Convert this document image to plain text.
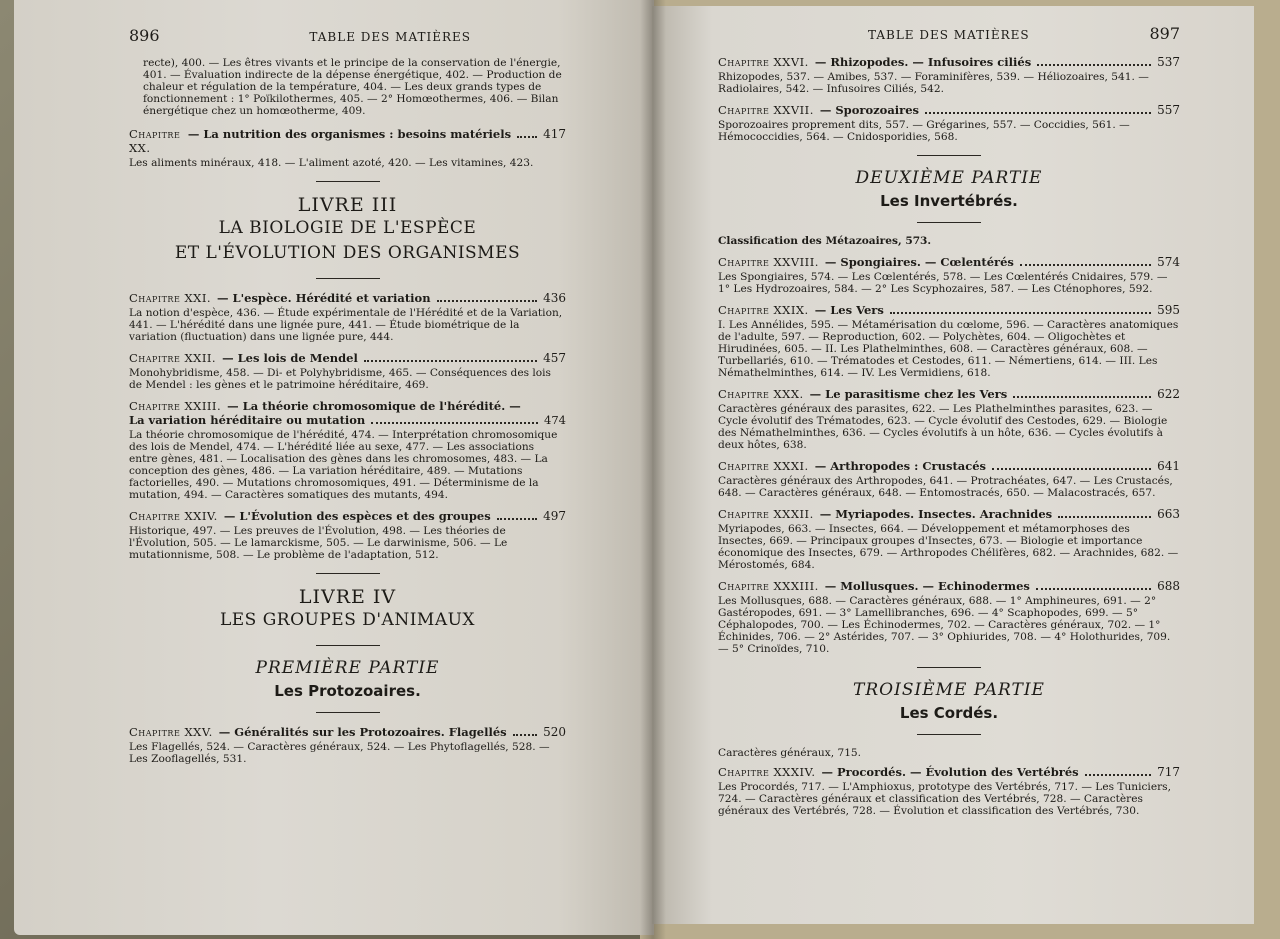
896	TABLE DES MATIÈRES
recte), 400. — Les êtres vivants et le principe de la conservation de l'énergie, 401. — Évaluation indirecte de la dépense énergétique, 402. — Production de chaleur et régulation de la température, 404. — Les deux grands types de fonctionnement : 1° Poïkilothermes, 405. — 2° Homœothermes, 406. — Bilan énergétique chez un homœotherme, 409.
Chapitre XX.
— La nutrition des organismes : besoins matériels	417
Les aliments minéraux, 418. — L'aliment azoté, 420. — Les vitamines, 423.
LIVRE III
LA BIOLOGIE DE L'ESPÈCE
ET L'ÉVOLUTION DES ORGANISMES
Chapitre XXI. — L'espèce. Hérédité et variation	436
La notion d'espèce, 436. — Étude expérimentale de l'Hérédité et de la Variation, 441. — L'hérédité dans une lignée pure, 441. — Étude biométrique de la variation (fluctuation) dans une lignée pure, 444.
Chapitre XXII. — Les lois de Mendel	457
Monohybridisme, 458. — Di- et Polyhybridisme, 465. — Conséquences des lois de Mendel : les gènes et le patrimoine héréditaire, 469.
Chapitre XXIII. — La théorie chromosomique de l'hérédité. —
La variation héréditaire ou mutation	474
La théorie chromosomique de l'hérédité, 474. — Interprétation chromosomique des lois de Mendel, 474. — L'hérédité liée au sexe, 477. — Les associations entre gènes, 481. — Localisation des gènes dans les chromosomes, 483. — La conception des gènes, 486. — La variation héréditaire, 489. — Mutations factorielles, 490. — Mutations chromosomiques, 491. — Déterminisme de la mutation, 494. — Caractères somatiques des mutants, 494.
Chapitre XXIV. — L'Évolution des espèces et des groupes	497
Historique, 497. — Les preuves de l'Évolution, 498. — Les théories de l'Évolution, 505. — Le lamarckisme, 505. — Le darwinisme, 506. — Le mutationnisme, 508. — Le problème de l'adaptation, 512.
LIVRE IV
LES GROUPES D'ANIMAUX
PREMIÈRE PARTIE
Les Protozoaires.
Chapitre XXV. — Généralités sur les Protozoaires. Flagellés	520
Les Flagellés, 524. — Caractères généraux, 524. — Les Phytoflagellés, 528. — Les Zooflagellés, 531.
TABLE DES MATIÈRES	897
Chapitre XXVI. — Rhizopodes. — Infusoires ciliés	537
Rhizopodes, 537. — Amibes, 537. — Foraminifères, 539. — Héliozoaires, 541. — Radiolaires, 542. — Infusoires Ciliés, 542.
Chapitre XXVII. — Sporozoaires	557
Sporozoaires proprement dits, 557. — Grégarines, 557. — Coccidies, 561. — Hémococcidies, 564. — Cnidosporidies, 568.
DEUXIÈME PARTIE
Les Invertébrés.
Classification des Métazoaires, 573.
Chapitre XXVIII. — Spongiaires. — Cœlentérés	574
Les Spongiaires, 574. — Les Cœlentérés, 578. — Les Cœlentérés Cnidaires, 579. — 1° Les Hydrozoaires, 584. — 2° Les Scyphozaires, 587. — Les Cténophores, 592.
Chapitre XXIX. — Les Vers	595
I. Les Annélides, 595. — Métamérisation du cœlome, 596. — Caractères anatomiques de l'adulte, 597. — Reproduction, 602. — Polychètes, 604. — Oligochètes et Hirudinées, 605. — II. Les Plathelminthes, 608. — Caractères généraux, 608. — Turbellariés, 610. — Trématodes et Cestodes, 611. — Némertiens, 614. — III. Les Némathelminthes, 614. — IV. Les Vermidiens, 618.
Chapitre XXX. — Le parasitisme chez les Vers	622
Caractères généraux des parasites, 622. — Les Plathelminthes parasites, 623. — Cycle évolutif des Trématodes, 623. — Cycle évolutif des Cestodes, 629. — Biologie des Némathelminthes, 636. — Cycles évolutifs à un hôte, 636. — Cycles évolutifs à deux hôtes, 638.
Chapitre XXXI. — Arthropodes : Crustacés	641
Caractères généraux des Arthropodes, 641. — Protrachéates, 647. — Les Crustacés, 648. — Caractères généraux, 648. — Entomostracés, 650. — Malacostracés, 657.
Chapitre XXXII. — Myriapodes. Insectes. Arachnides	663
Myriapodes, 663. — Insectes, 664. — Développement et métamorphoses des Insectes, 669. — Principaux groupes d'Insectes, 673. — Biologie et importance économique des Insectes, 679. — Arthropodes Chélifères, 682. — Arachnides, 682. — Mérostomés, 684.
Chapitre XXXIII. — Mollusques. — Echinodermes	688
Les Mollusques, 688. — Caractères généraux, 688. — 1° Amphineures, 691. — 2° Gastéropodes, 691. — 3° Lamellibranches, 696. — 4° Scaphopodes, 699. — 5° Céphalopodes, 700. — Les Échinodermes, 702. — Caractères généraux, 702. — 1° Échinides, 706. — 2° Astérides, 707. — 3° Ophiurides, 708. — 4° Holothurides, 709. — 5° Crinoïdes, 710.
TROISIÈME PARTIE
Les Cordés.
Caractères généraux, 715.
Chapitre XXXIV. — Procordés. — Évolution des Vertébrés	717
Les Procordés, 717. — L'Amphioxus, prototype des Vertébrés, 717. — Les Tuniciers, 724. — Caractères généraux et classification des Vertébrés, 728. — Caractères généraux des Vertébrés, 728. — Évolution et classification des Vertébrés, 730.
